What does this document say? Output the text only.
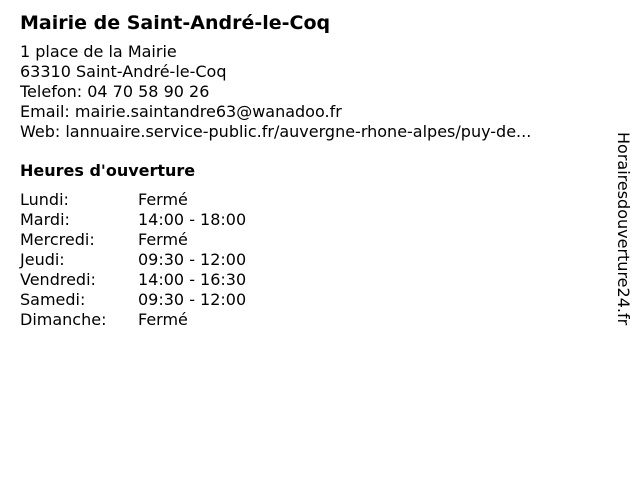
Mairie de Saint-André-le-Coq
1 place de la Mairie
63310 Saint-André-le-Coq
Telefon: 04 70 58 90 26
Email: mairie.saintandre63@wanadoo.fr
Web: lannuaire.service-public.fr/auvergne-rhone-alpes/puy-de...
Heures d'ouverture
Lundi:	Fermé
Mardi:	14:00 - 18:00
Mercredi:	Fermé
Jeudi:	09:30 - 12:00
Vendredi:	14:00 - 16:30
Samedi:	09:30 - 12:00
Dimanche:	Fermé	Horairesdouverture24.fr
